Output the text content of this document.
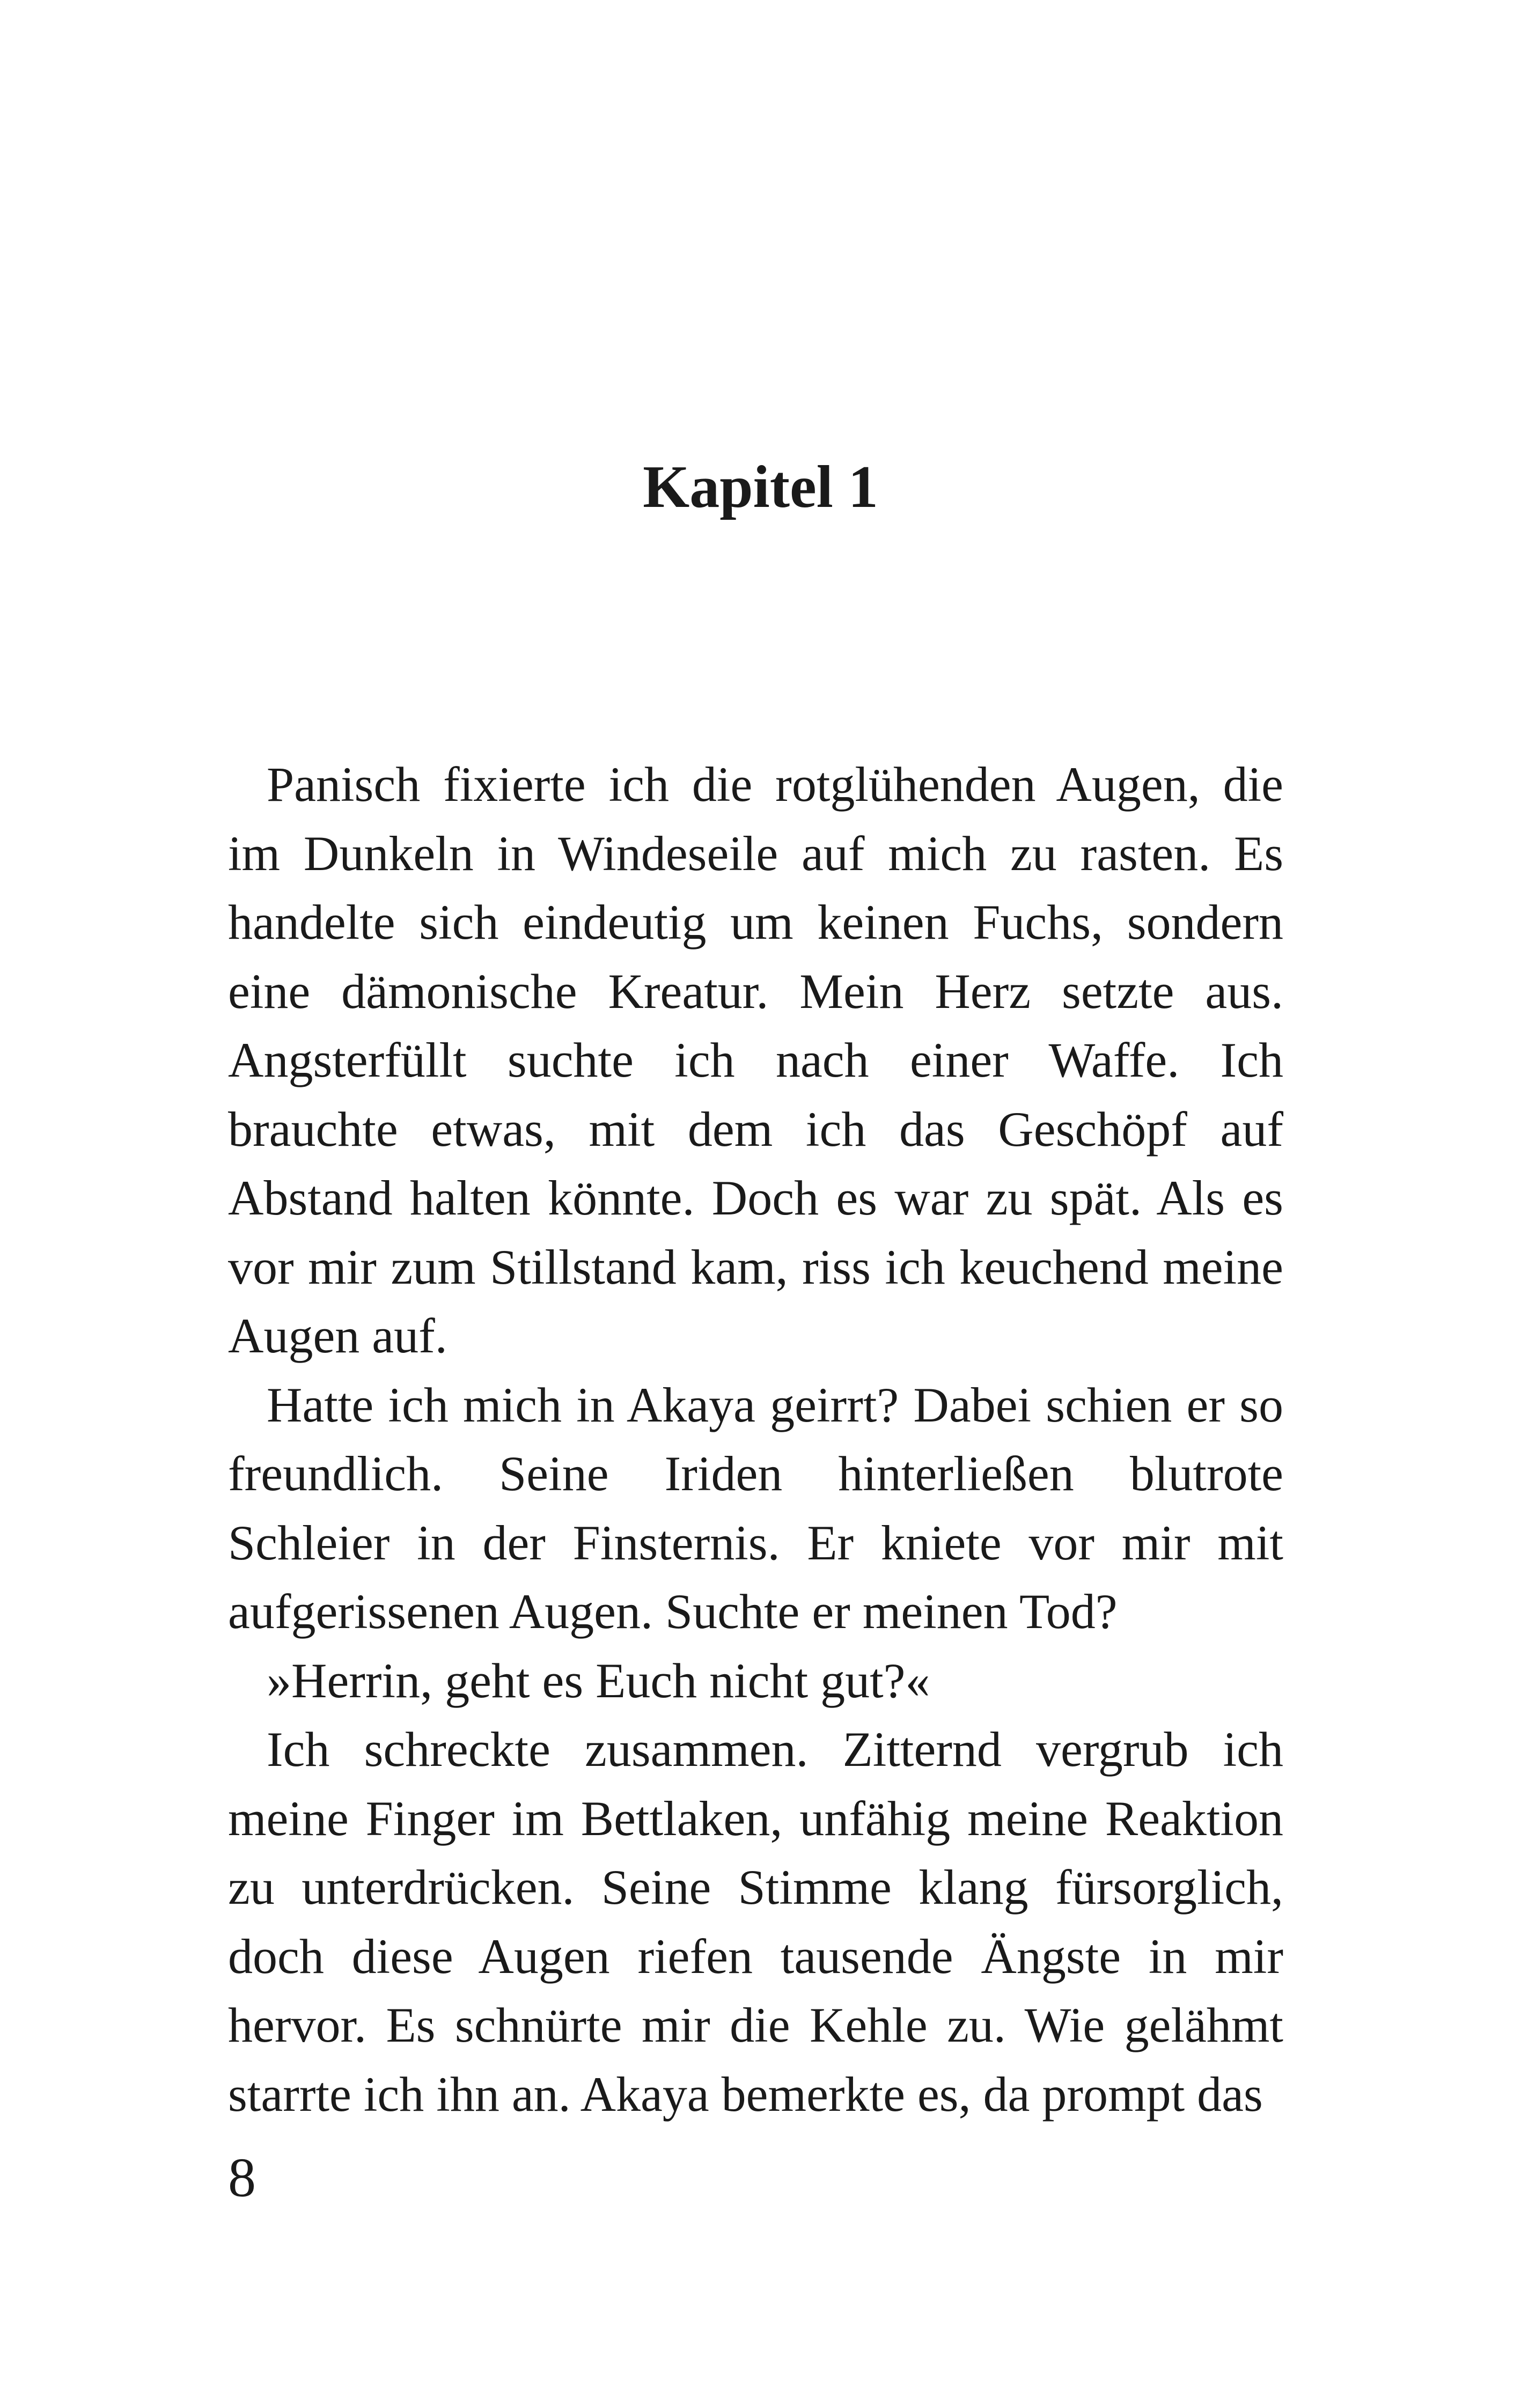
Kapitel 1

Panisch fixierte ich die rotglühenden Augen, die im Dunkeln in Windeseile auf mich zu rasten. Es handelte sich eindeutig um keinen Fuchs, sondern eine dämonische Kreatur. Mein Herz setzte aus. Angsterfüllt suchte ich nach einer Waffe. Ich brauchte etwas, mit dem ich das Geschöpf auf Abstand halten könnte. Doch es war zu spät. Als es vor mir zum Stillstand kam, riss ich keuchend meine Augen auf.

Hatte ich mich in Akaya geirrt? Dabei schien er so freundlich. Seine Iriden hinterließen blutrote Schleier in der Finsternis. Er kniete vor mir mit aufgerissenen Augen. Suchte er meinen Tod?

»Herrin, geht es Euch nicht gut?«

Ich schreckte zusammen. Zitternd vergrub ich meine Finger im Bettlaken, unfähig meine Reaktion zu unterdrücken. Seine Stimme klang fürsorglich, doch diese Augen riefen tausende Ängste in mir hervor. Es schnürte mir die Kehle zu. Wie gelähmt starrte ich ihn an. Akaya bemerkte es, da prompt das

8
